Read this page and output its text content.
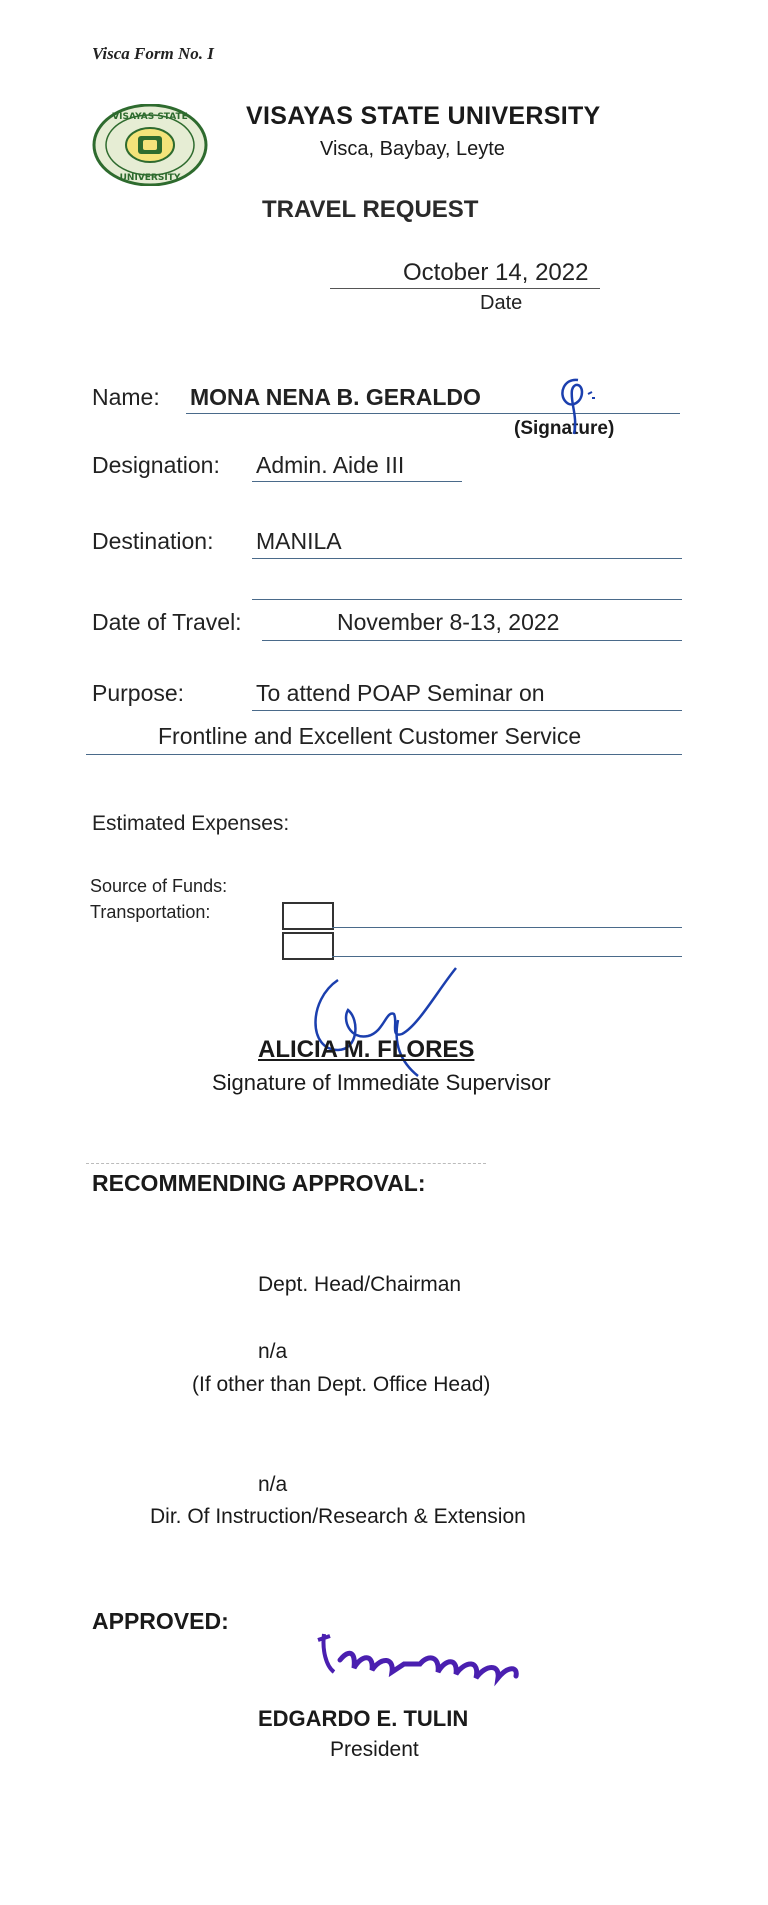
Visca Form No. I
VISAYAS STATE
UNIVERSITY
VISAYAS STATE UNIVERSITY
Visca, Baybay, Leyte
TRAVEL REQUEST
October 14, 2022
Date
Name: MONA NENA B. GERALDO
(Signature)
Designation: Admin. Aide III
Destination: MANILA
Date of Travel:	November 8-13, 2022
Purpose:	To attend POAP Seminar on
Frontline and Excellent Customer Service
Estimated Expenses:
Source of Funds:
Transportation:
ALICIA M. FLORES
Signature of Immediate Supervisor
RECOMMENDING APPROVAL:
Dept. Head/Chairman
n/a
(If other than Dept. Office Head)
n/a
Dir. Of Instruction/Research & Extension
APPROVED:
EDGARDO E. TULIN
President
